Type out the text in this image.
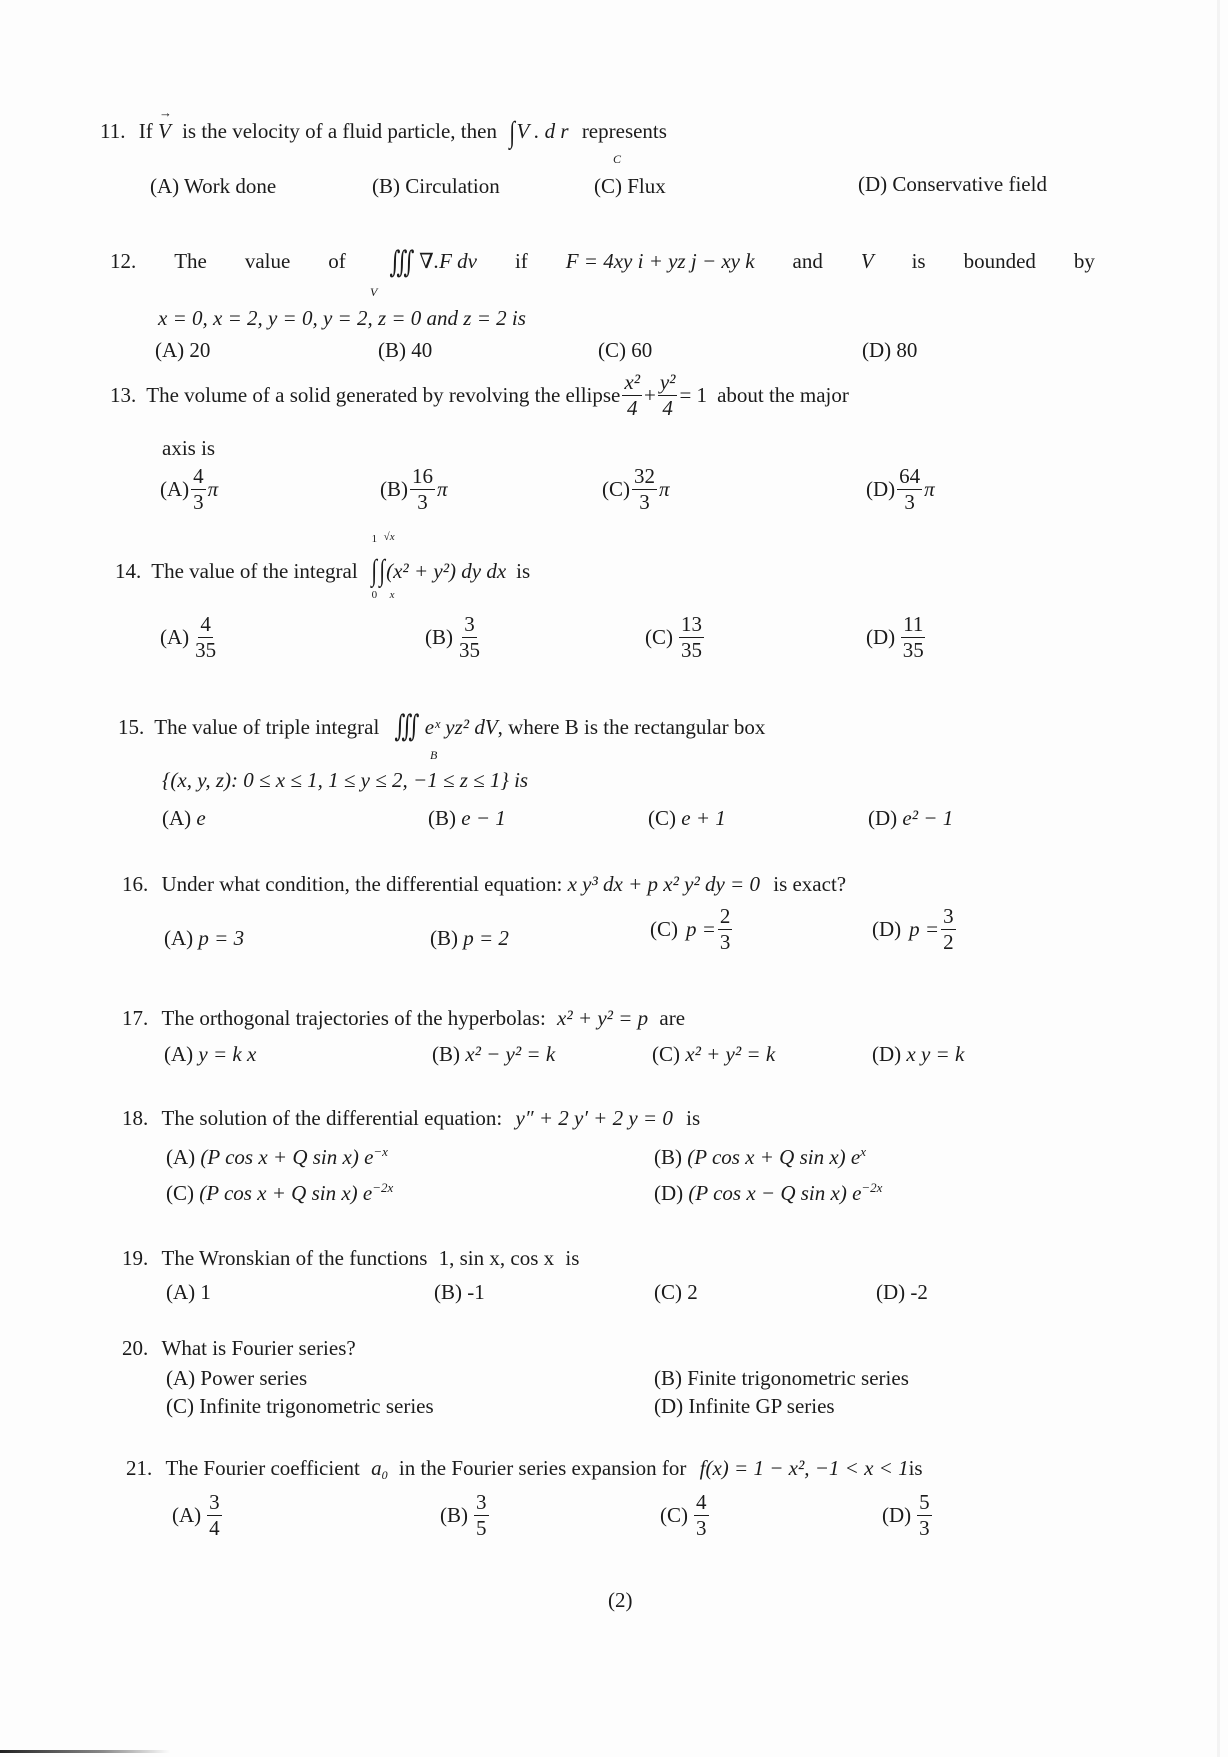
11. If → V is the velocity of a fluid particle, then ∫V . d r represents
C
(A) Work done	(B) Circulation	(C) Flux	(D) Conservative field
12. The value of ∭ ∇.F dv if F = 4xy i + yz j − xy k and V is bounded by
V
x = 0, x = 2, y = 0, y = 2, z = 0 and z = 2 is
(A) 20	(B) 40	(C) 60	(D) 80
13. The volume of a solid generated by revolving the ellipse $\frac{\text{x²}}{4} + \frac{\text{y²}}{4} = 1$ about the major
axis is
$(A) \frac{4}{3}$ π	$(B) \frac{16}{3}$ π	$(C) \frac{32}{3}$ π	$(D) \frac{64}{3}$ π
14. The value of the integral ∫∫
1 √x
0 x
(x² + y²) dy dx is
$(A) \frac{4}{35}$	$(B) \frac{3}{35}$	$(C) \frac{13}{35}$	$(D) \frac{11}{35}$
15. The value of triple integral ∭ eˣ yz² dV , where B is the rectangular box
B
{(x, y, z): 0 ≤ x ≤ 1, 1 ≤ y ≤ 2, −1 ≤ z ≤ 1} is
(A) e	(B) e − 1	(C) e + 1	(D) e² − 1
16. Under what condition, the differential equation: x y³ dx + p x² y² dy = 0 is exact?
(A) p = 3	(B) p = 2	(C) $p = \frac{2}{3}$	(D) $p = \frac{3}{2}$
17. The orthogonal trajectories of the hyperbolas: x² + y² = p are
(A) y = k x	(B) x² − y² = k	(C) x² + y² = k	(D) x y = k
18. The solution of the differential equation: y″ + 2 y′ + 2 y = 0 is
(A) (P cos x + Q sin x) $e^{-x}$	(B) (P cos x + Q sin x) $e^x$
(C) (P cos x + Q sin x) $e^{-2x}$	(D) (P cos x − Q sin x) $e^{-2x}$
19. The Wronskian of the functions 1, sin x, cos x is
(A) 1	(B) -1	(C) 2	(D) -2
20. What is Fourier series?
(A) Power series	(B) Finite trigonometric series
(C) Infinite trigonometric series	(D) Infinite GP series
21. The Fourier coefficient $a_0$ in the Fourier series expansion for f(x) = 1 − x², −1 < x < 1is
$(A) \frac{3}{4}$	$(B) \frac{3}{5}$	$(C) \frac{4}{3}$	$(D) \frac{5}{3}$
(2)
